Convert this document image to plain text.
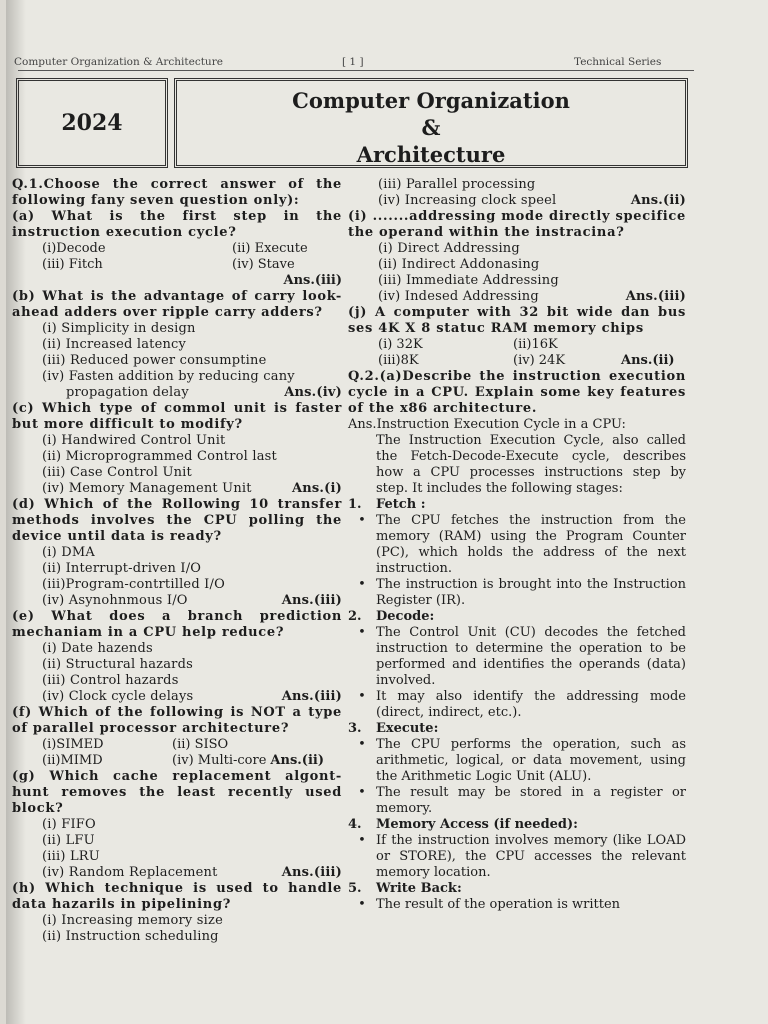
Computer Organization & Architecture	[ 1 ]	Technical Series
2024
Computer Organization
&
Architecture
Q.1.Choose the correct answer of the following fany seven question only):
(a) What is the first step in the instruction execution cycle?
(i)Decode	(ii) Execute
(iii) Fitch	(iv) Stave
Ans.(iii)
(b) What is the advantage of carry look-ahead adders over ripple carry adders?
(i) Simplicity in design
(ii) Increased latency
(iii) Reduced power consumptine
(iv) Fasten addition by reducing cany
propagation delay	Ans.(iv)
(c) Which type of commol unit is faster but more difficult to modify?
(i) Handwired Control Unit
(ii) Microprogrammed Control last
(iii) Case Control Unit
(iv) Memory Management Unit	Ans.(i)
(d) Which of the Rollowing 10 transfer methods involves the CPU polling the device until data is ready?
(i) DMA
(ii) Interrupt-driven I/O
(iii)Program-contrtilled I/O
(iv) Asynohnmous I/O	Ans.(iii)
(e) What does a branch prediction mechaniam in a CPU help reduce?
(i) Date hazends
(ii) Structural hazards
(iii) Control hazards
(iv) Clock cycle delays	Ans.(iii)
(f) Which of the following is NOT a type of parallel processor architecture?
(i)SIMED	(ii) SISO
(ii)MIMD	(iv) Multi-core Ans.(ii)
(g) Which cache replacement algont-hunt removes the least recently used block?
(i) FIFO
(ii) LFU
(iii) LRU
(iv) Random Replacement	Ans.(iii)
(h) Which technique is used to handle data hazarils in pipelining?
(i) Increasing memory size
(ii) Instruction scheduling
(iii) Parallel processing
(iv) Increasing clock speel	Ans.(ii)
(i) .......addressing mode directly specifice the operand within the instracina?
(i) Direct Addressing
(ii) Indirect Addonasing
(iii) Immediate Addressing
(iv) Indesed Addressing	Ans.(iii)
(j) A computer with 32 bit wide dan bus ses 4K X 8 statuc RAM memory chips
(i) 32K	(ii)16K
(iii)8K	(iv) 24K	Ans.(ii)
Q.2.(a)Describe the instruction execution cycle in a CPU. Explain some key features of the x86 architecture.
Ans.Instruction Execution Cycle in a CPU:
The Instruction Execution Cycle, also called the Fetch-Decode-Execute cycle, describes how a CPU processes instructions step by step. It includes the following stages:
1.	Fetch :
• The CPU fetches the instruction from the memory (RAM) using the Program Counter (PC), which holds the address of the next instruction.
• The instruction is brought into the Instruction Register (IR).
2.	Decode:
• The Control Unit (CU) decodes the fetched instruction to determine the operation to be performed and identifies the operands (data) involved.
• It may also identify the addressing mode (direct, indirect, etc.).
3.	Execute:
• The CPU performs the operation, such as arithmetic, logical, or data movement, using the Arithmetic Logic Unit (ALU).
• The result may be stored in a register or memory.
4.	Memory Access (if needed):
• If the instruction involves memory (like LOAD or STORE), the CPU accesses the relevant memory location.
5.	Write Back:
• The result of the operation is written
